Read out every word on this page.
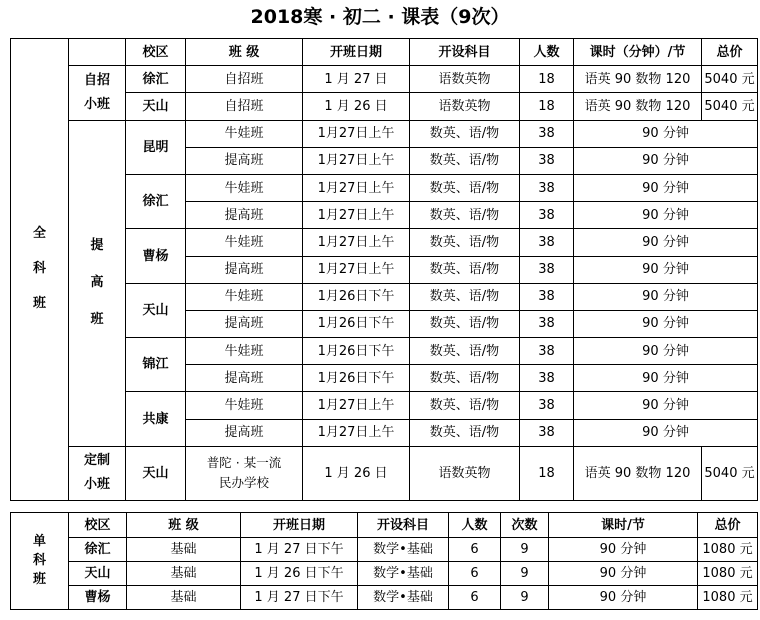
2018寒 · 初二 · 课表（9次）
全
科
班		校区	班 级	开班日期	开设科目	人数	课时（分钟）/节	总价	

	自招
小班	徐汇	自招班	1 月 27 日	语数英物	18	语英 90 数物 120	5040 元	
		天山	自招班	1 月 26 日	语数英物	18	语英 90 数物 120	5040 元	

	提
高
班	昆明	牛娃班	1月27日上午	数英、语/物	38	90 分钟	
			提高班	1月27日上午	数英、语/物	38	90 分钟	
		徐汇	牛娃班	1月27日上午	数英、语/物	38	90 分钟	
			提高班	1月27日上午	数英、语/物	38	90 分钟	
		曹杨	牛娃班	1月27日上午	数英、语/物	38	90 分钟	
			提高班	1月27日上午	数英、语/物	38	90 分钟	
		天山	牛娃班	1月26日下午	数英、语/物	38	90 分钟	
			提高班	1月26日下午	数英、语/物	38	90 分钟	
		锦江	牛娃班	1月26日下午	数英、语/物	38	90 分钟	
			提高班	1月26日下午	数英、语/物	38	90 分钟	
		共康	牛娃班	1月27日上午	数英、语/物	38	90 分钟	
			提高班	1月27日上午	数英、语/物	38	90 分钟	

	定制
小班	天山	普陀 · 某一流
民办学校	1 月 26 日	语数英物	18	语英 90 数物 120	5040 元	

单
科
班	校区	班 级	开班日期	开设科目	人数	次数	课时/节	总价
	徐汇	基础	1 月 27 日下午	数学•基础	6	9	90 分钟	1080 元
	天山	基础	1 月 26 日下午	数学•基础	6	9	90 分钟	1080 元
	曹杨	基础	1 月 27 日下午	数学•基础	6	9	90 分钟	1080 元
